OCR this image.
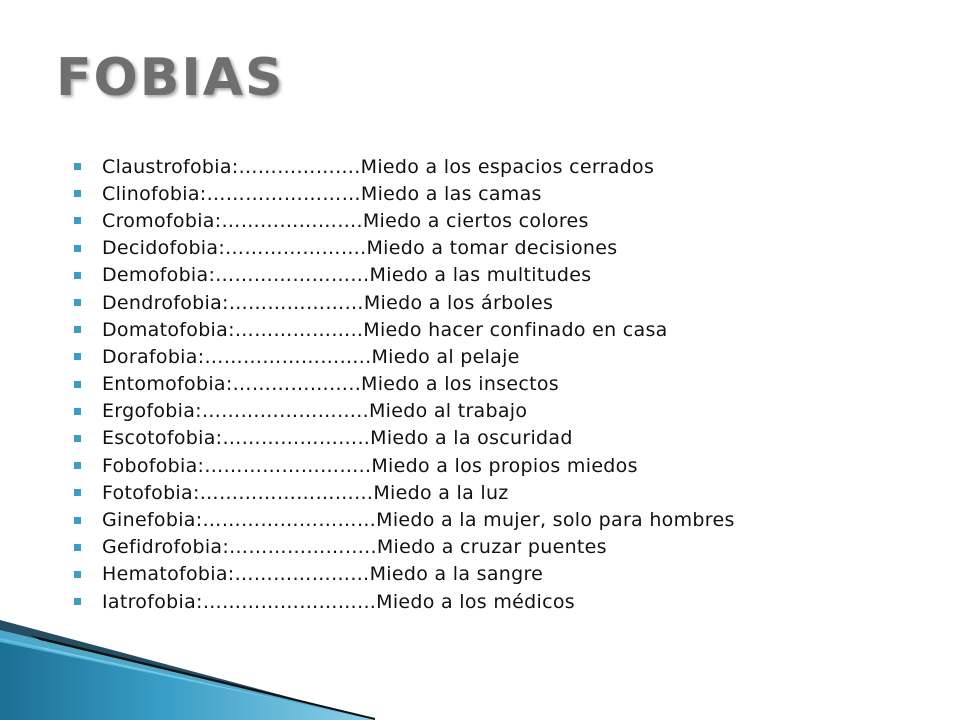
FOBIAS
Claustrofobia:……………….Miedo a los espacios cerrados
Clinofobia:……………………Miedo a las camas
Cromofobia:………………….Miedo a ciertos colores
Decidofobia:………………….Miedo a tomar decisiones
Demofobia:……………………Miedo a las multitudes
Dendrofobia:…………………Miedo a los árboles
Domatofobia:………………..Miedo hacer confinado en casa
Dorafobia:……………………..Miedo al pelaje
Entomofobia:………………..Miedo a los insectos
Ergofobia:……………………..Miedo al trabajo
Escotofobia:…………………..Miedo a la oscuridad
Fobofobia:……………………..Miedo a los propios miedos
Fotofobia:………………………Miedo a la luz
Ginefobia:………………………Miedo a la mujer, solo para hombres
Gefidrofobia:…………………..Miedo a cruzar puentes
Hematofobia:…………………Miedo a la sangre
Iatrofobia:……………………...Miedo a los médicos
